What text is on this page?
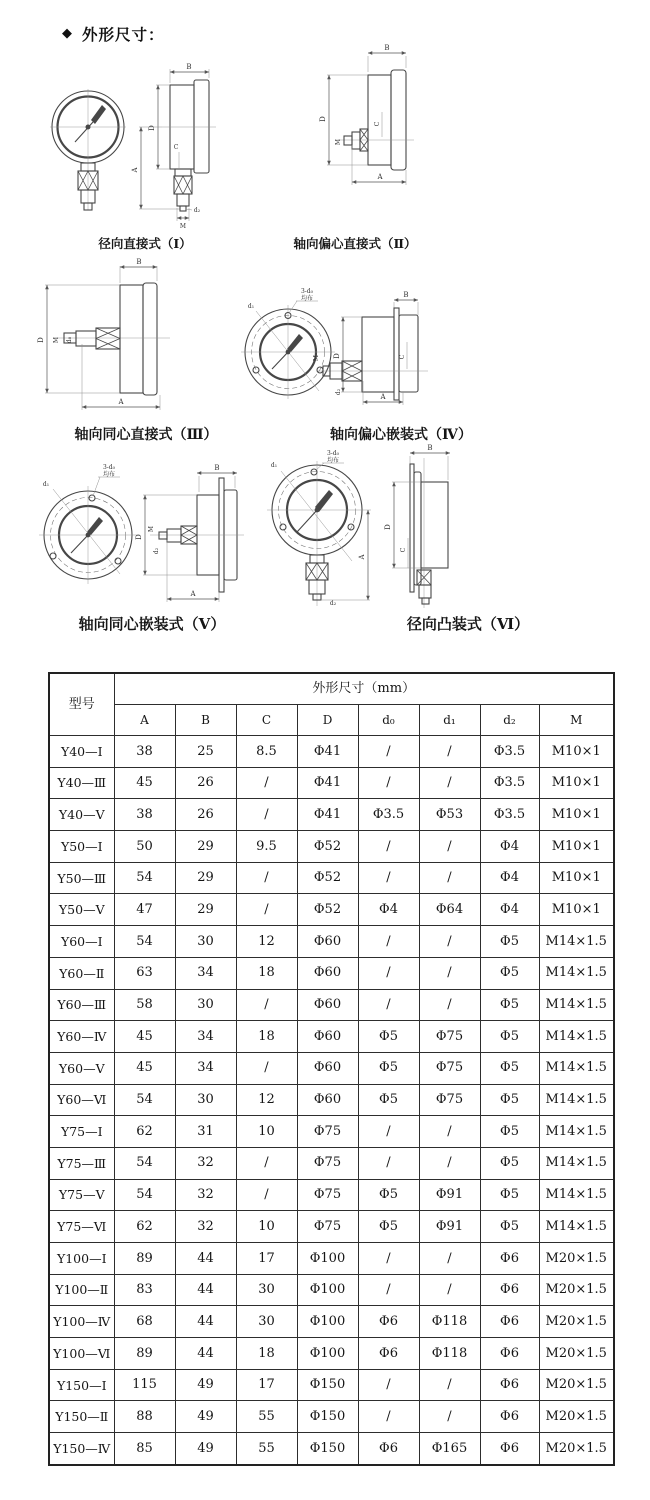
◆ 外形尺寸：
B
D
A
C
d₂
M
B
D
M
C
A
B
D M d₀
A
d₁
3-d₀
均布	B
D	C
M
d₂
A
d₁
3-d₀
均布
B
D
M
d₂
A
d₁
3-d₀
均布
d₂
A
B
D
C
径向直接式（Ⅰ）	轴向偏心直接式（Ⅱ）
轴向同心直接式（Ⅲ）	轴向偏心嵌装式（Ⅳ）
轴向同心嵌装式（Ⅴ）	径向凸装式（Ⅵ）
型号	外形尺寸（mm）							
	A	B	C	D	d₀	d₁	d₂	M
Y40—Ⅰ	38	25	8.5	Φ41	/	/	Φ3.5	M10×1
Y40—Ⅲ	45	26	/	Φ41	/	/	Φ3.5	M10×1
Y40—Ⅴ	38	26	/	Φ41	Φ3.5	Φ53	Φ3.5	M10×1
Y50—Ⅰ	50	29	9.5	Φ52	/	/	Φ4	M10×1
Y50—Ⅲ	54	29	/	Φ52	/	/	Φ4	M10×1
Y50—Ⅴ	47	29	/	Φ52	Φ4	Φ64	Φ4	M10×1
Y60—Ⅰ	54	30	12	Φ60	/	/	Φ5	M14×1.5
Y60—Ⅱ	63	34	18	Φ60	/	/	Φ5	M14×1.5
Y60—Ⅲ	58	30	/	Φ60	/	/	Φ5	M14×1.5
Y60—Ⅳ	45	34	18	Φ60	Φ5	Φ75	Φ5	M14×1.5
Y60—Ⅴ	45	34	/	Φ60	Φ5	Φ75	Φ5	M14×1.5
Y60—Ⅵ	54	30	12	Φ60	Φ5	Φ75	Φ5	M14×1.5
Y75—Ⅰ	62	31	10	Φ75	/	/	Φ5	M14×1.5
Y75—Ⅲ	54	32	/	Φ75	/	/	Φ5	M14×1.5
Y75—Ⅴ	54	32	/	Φ75	Φ5	Φ91	Φ5	M14×1.5
Y75—Ⅵ	62	32	10	Φ75	Φ5	Φ91	Φ5	M14×1.5
Y100—Ⅰ	89	44	17	Φ100	/	/	Φ6	M20×1.5
Y100—Ⅱ	83	44	30	Φ100	/	/	Φ6	M20×1.5
Y100—Ⅳ	68	44	30	Φ100	Φ6	Φ118	Φ6	M20×1.5
Y100—Ⅵ	89	44	18	Φ100	Φ6	Φ118	Φ6	M20×1.5
Y150—Ⅰ	115	49	17	Φ150	/	/	Φ6	M20×1.5
Y150—Ⅱ	88	49	55	Φ150	/	/	Φ6	M20×1.5
Y150—Ⅳ	85	49	55	Φ150	Φ6	Φ165	Φ6	M20×1.5
